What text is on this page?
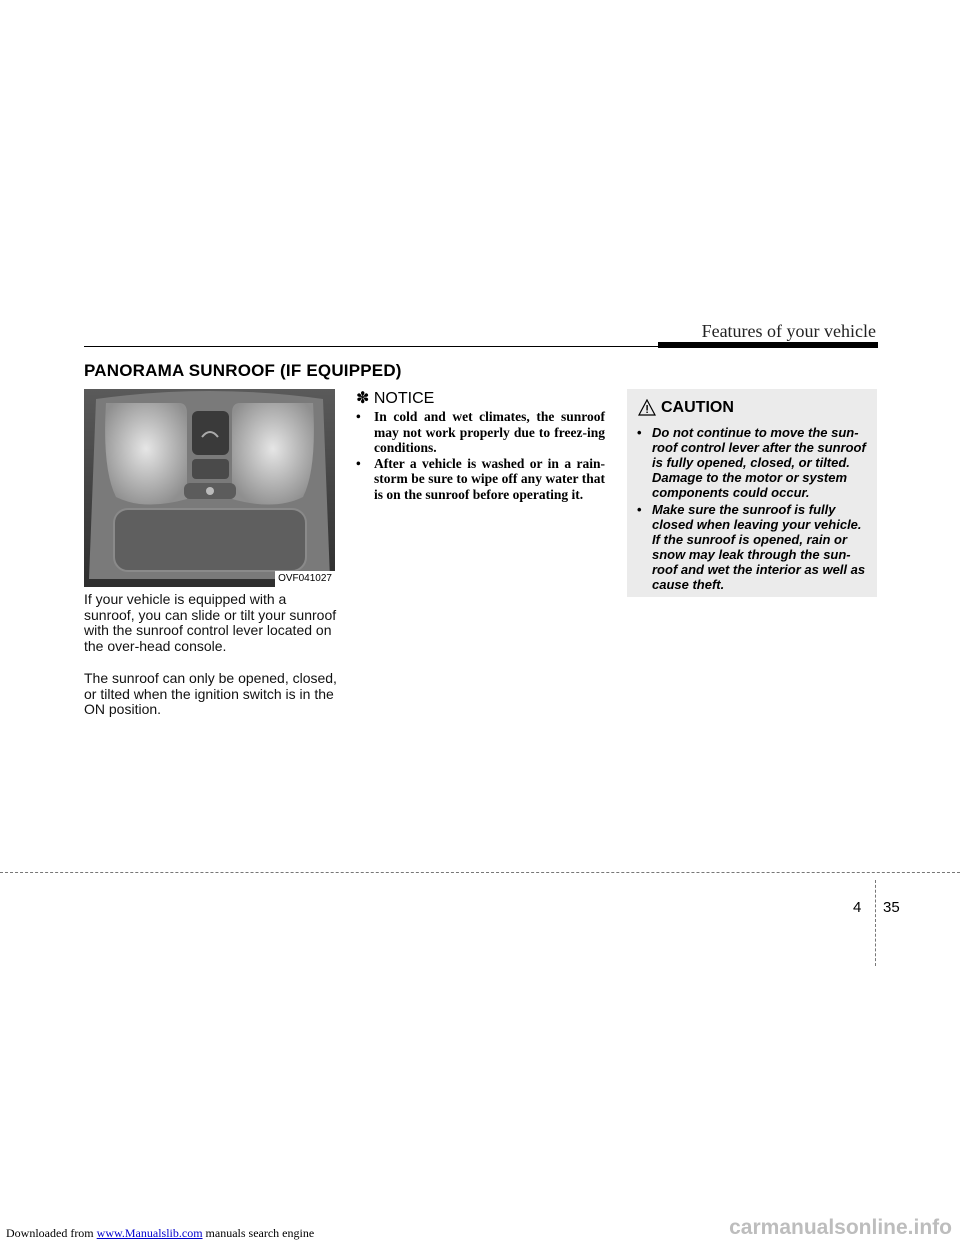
Features of your vehicle
PANORAMA SUNROOF (IF EQUIPPED)
OVF041027

If your vehicle is equipped with a sunroof, you can slide or tilt your sunroof with the sunroof control lever located on the over-head console.

The sunroof can only be opened, closed, or tilted when the ignition switch is in the ON position.

✽ NOTICE
• In cold and wet climates, the sunroof may not work properly due to freez-ing conditions.
• After a vehicle is washed or in a rain-storm be sure to wipe off any water that is on the sunroof before operating it.
CAUTION
• Do not continue to move the sun-roof control lever after the sunroof is fully opened, closed, or tilted. Damage to the motor or system components could occur.
• Make sure the sunroof is fully closed when leaving your vehicle. If the sunroof is opened, rain or snow may leak through the sun-roof and wet the interior as well as cause theft.
4 35
Downloaded from www.Manualslib.com manuals search engine	carmanualsonline.info
